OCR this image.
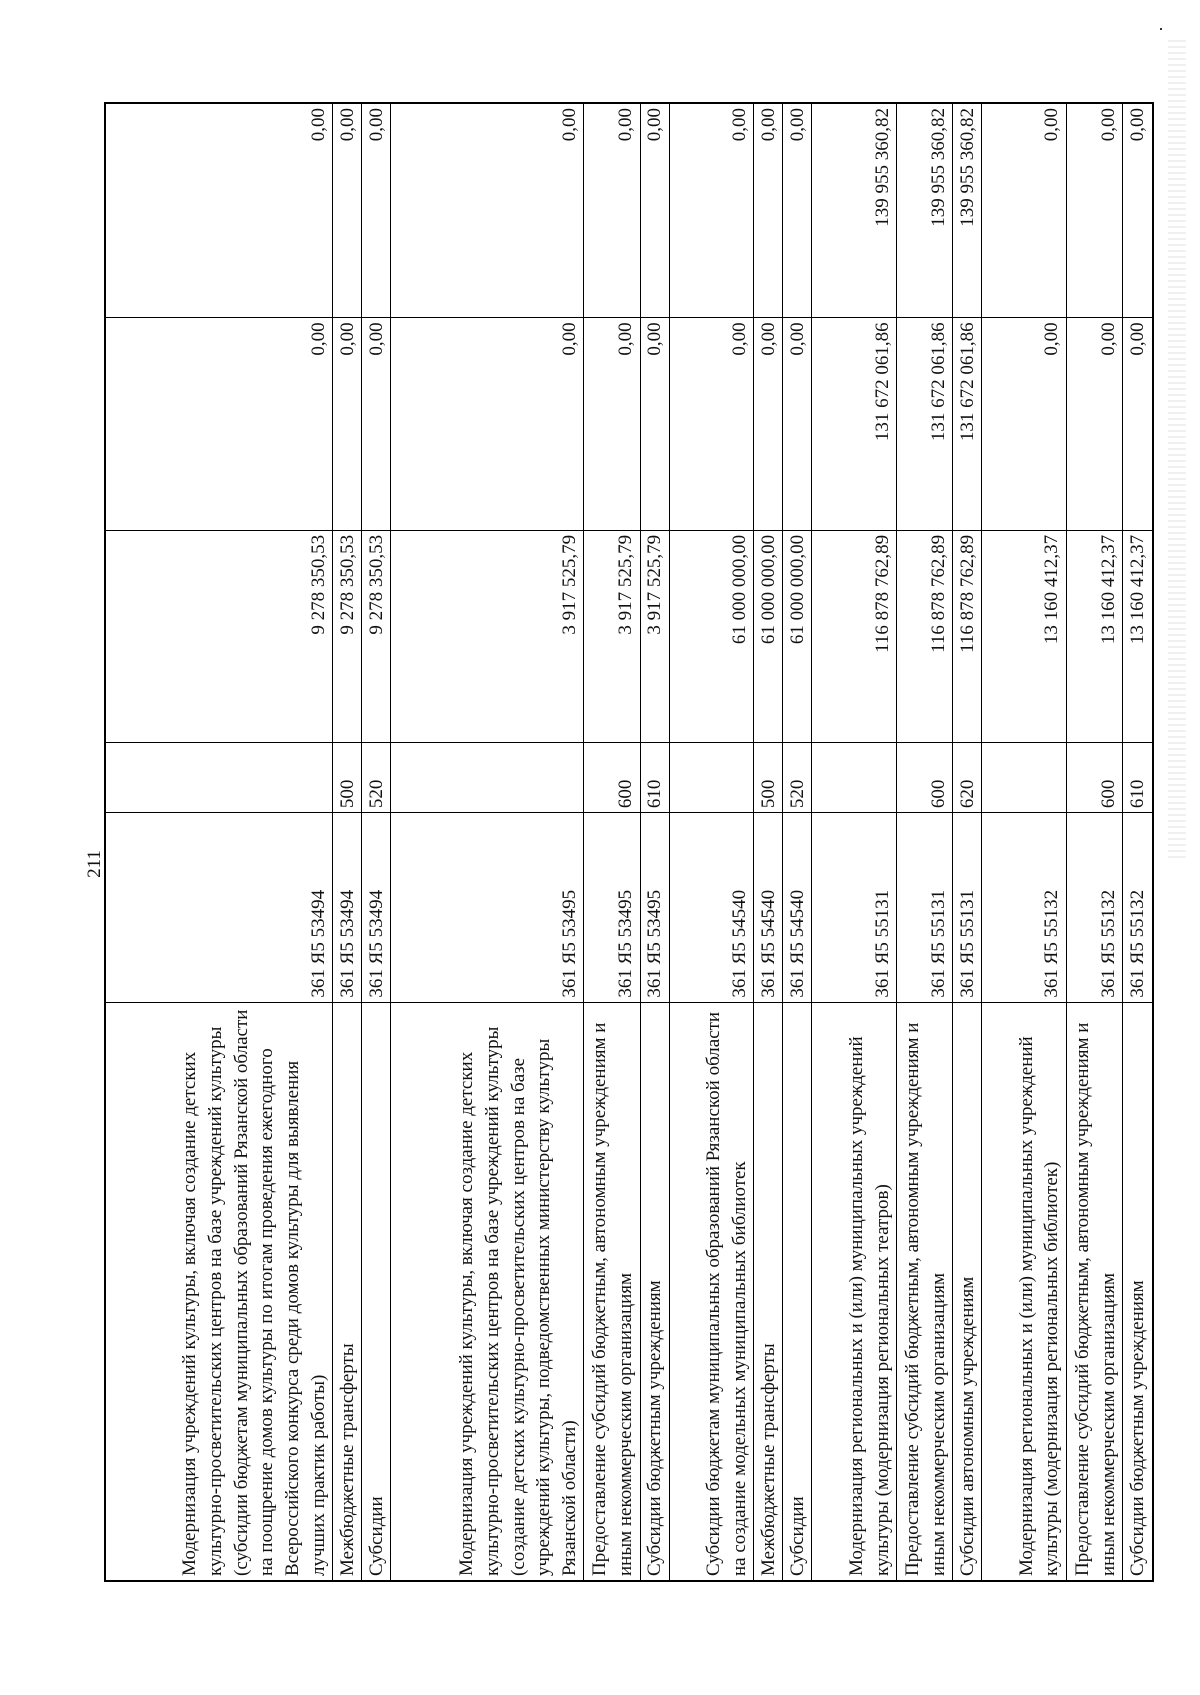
211
Модернизация учреждений культуры, включая создание детских культурно-просветительских центров на базе учреждений культуры (субсидии бюджетам муниципальных образований Рязанской области на поощрение домов культуры по итогам проведения ежегодного Всероссийского конкурса среди домов культуры для выявления лучших практик работы)
361 Я5 53494
9 278 350,53
0,00
0,00
Межбюджетные трансферты
361 Я5 53494
500
9 278 350,53
0,00
0,00
Субсидии
361 Я5 53494
520
9 278 350,53
0,00
0,00
Модернизация учреждений культуры, включая создание детских культурно-просветительских центров на базе учреждений культуры (создание детских культурно-просветительских центров на базе учреждений культуры, подведомственных министерству культуры Рязанской области)
361 Я5 53495
3 917 525,79
0,00
0,00
Предоставление субсидий бюджетным, автономным учреждениям и иным некоммерческим организациям
361 Я5 53495
600
3 917 525,79
0,00
0,00
Субсидии бюджетным учреждениям
361 Я5 53495
610
3 917 525,79
0,00
0,00
Субсидии бюджетам муниципальных образований Рязанской области на создание модельных муниципальных библиотек
361 Я5 54540
61 000 000,00
0,00
0,00
Межбюджетные трансферты
361 Я5 54540
500
61 000 000,00
0,00
0,00
Субсидии
361 Я5 54540
520
61 000 000,00
0,00
0,00
Модернизация региональных и (или) муниципальных учреждений культуры (модернизация региональных театров)
361 Я5 55131
116 878 762,89
131 672 061,86
139 955 360,82
Предоставление субсидий бюджетным, автономным учреждениям и иным некоммерческим организациям
361 Я5 55131
600
116 878 762,89
131 672 061,86
139 955 360,82
Субсидии автономным учреждениям
361 Я5 55131
620
116 878 762,89
131 672 061,86
139 955 360,82
Модернизация региональных и (или) муниципальных учреждений культуры (модернизация региональных библиотек)
361 Я5 55132
13 160 412,37
0,00
0,00
Предоставление субсидий бюджетным, автономным учреждениям и иным некоммерческим организациям
361 Я5 55132
600
13 160 412,37
0,00
0,00
Субсидии бюджетным учреждениям
361 Я5 55132
610
13 160 412,37
0,00
0,00
